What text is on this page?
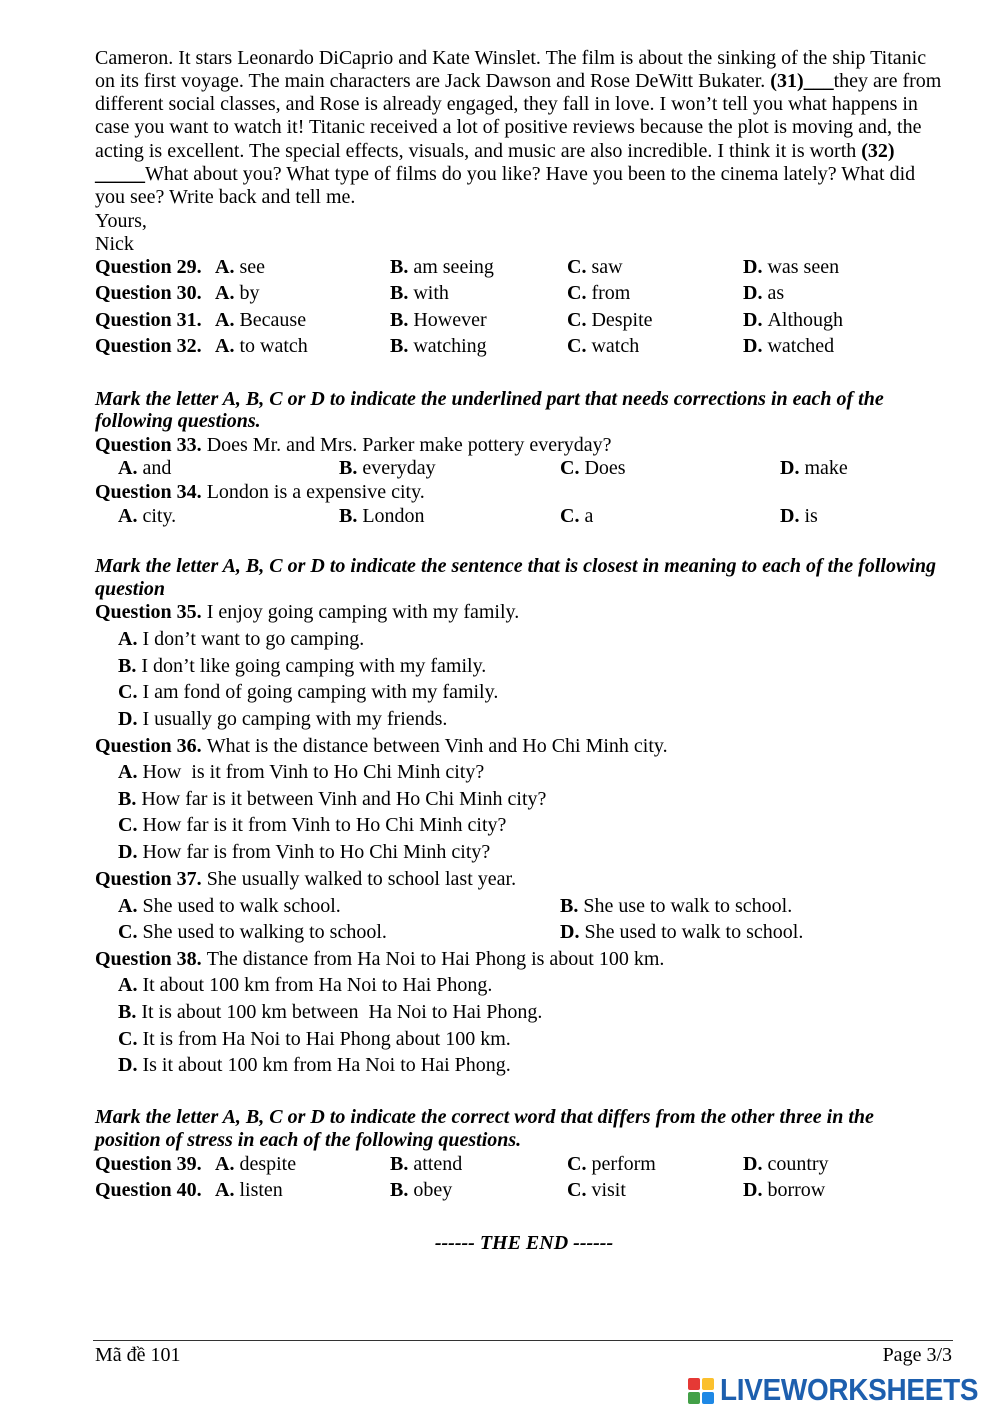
Cameron. It stars Leonardo DiCaprio and Kate Winslet. The film is about the sinking of the ship Titanic
on its first voyage. The main characters are Jack Dawson and Rose DeWitt Bukater. (31)___they are from
different social classes, and Rose is already engaged, they fall in love. I won’t tell you what happens in
case you want to watch it! Titanic received a lot of positive reviews because the plot is moving and, the
acting is excellent. The special effects, visuals, and music are also incredible. I think it is worth (32)
_____What about you? What type of films do you like? Have you been to the cinema lately? What did
you see? Write back and tell me.
Yours,
Nick
Question 29. A. see	B. am seeing	C. saw	D. was seen
Question 30. A. by	B. with	C. from	D. as
Question 31. A. Because	B. However	C. Despite	D. Although
Question 32. A. to watch	B. watching	C. watch	D. watched
Mark the letter A, B, C or D to indicate the underlined part that needs corrections in each of the
following questions.
Question 33. Does Mr. and Mrs. Parker make pottery everyday?
A. and	B. everyday	C. Does	D. make
Question 34. London is a expensive city.
A. city.	B. London	C. a	D. is
Mark the letter A, B, C or D to indicate the sentence that is closest in meaning to each of the following
question
Question 35. I enjoy going camping with my family.
A. I don’t want to go camping.
B. I don’t like going camping with my family.
C. I am fond of going camping with my family.
D. I usually go camping with my friends.
Question 36. What is the distance between Vinh and Ho Chi Minh city.
A. How  is it from Vinh to Ho Chi Minh city?
B. How far is it between Vinh and Ho Chi Minh city?
C. How far is it from Vinh to Ho Chi Minh city?
D. How far is from Vinh to Ho Chi Minh city?
Question 37. She usually walked to school last year.
A. She used to walk school.	B. She use to walk to school.
C. She used to walking to school.	D. She used to walk to school.
Question 38. The distance from Ha Noi to Hai Phong is about 100 km.
A. It about 100 km from Ha Noi to Hai Phong.
B. It is about 100 km between  Ha Noi to Hai Phong.
C. It is from Ha Noi to Hai Phong about 100 km.
D. Is it about 100 km from Ha Noi to Hai Phong.
Mark the letter A, B, C or D to indicate the correct word that differs from the other three in the
position of stress in each of the following questions.
Question 39. A. despite	B. attend	C. perform	D. country
Question 40. A. listen	B. obey	C. visit	D. borrow
------ THE END ------
Mã đề 101	Page 3/3
LIVEWORKSHEETS
